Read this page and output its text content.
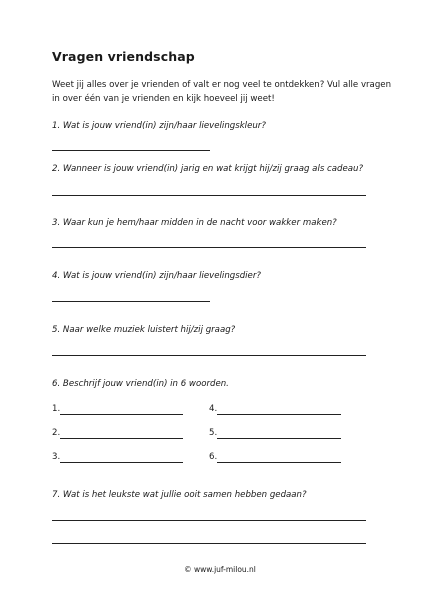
Vragen vriendschap
Weet jij alles over je vrienden of valt er nog veel te ontdekken? Vul alle vragen in over één van je vrienden en kijk hoeveel jij weet!
1. Wat is jouw vriend(in) zijn/haar lievelingskleur?
2. Wanneer is jouw vriend(in) jarig en wat krijgt hij/zij graag als cadeau?
3. Waar kun je hem/haar midden in de nacht voor wakker maken?
4. Wat is jouw vriend(in) zijn/haar lievelingsdier?
5. Naar welke muziek luistert hij/zij graag?
6. Beschrijf jouw vriend(in) in 6 woorden.
1.	4.
2.	5.
3.	6.
7. Wat is het leukste wat jullie ooit samen hebben gedaan?
© www.juf-milou.nl
